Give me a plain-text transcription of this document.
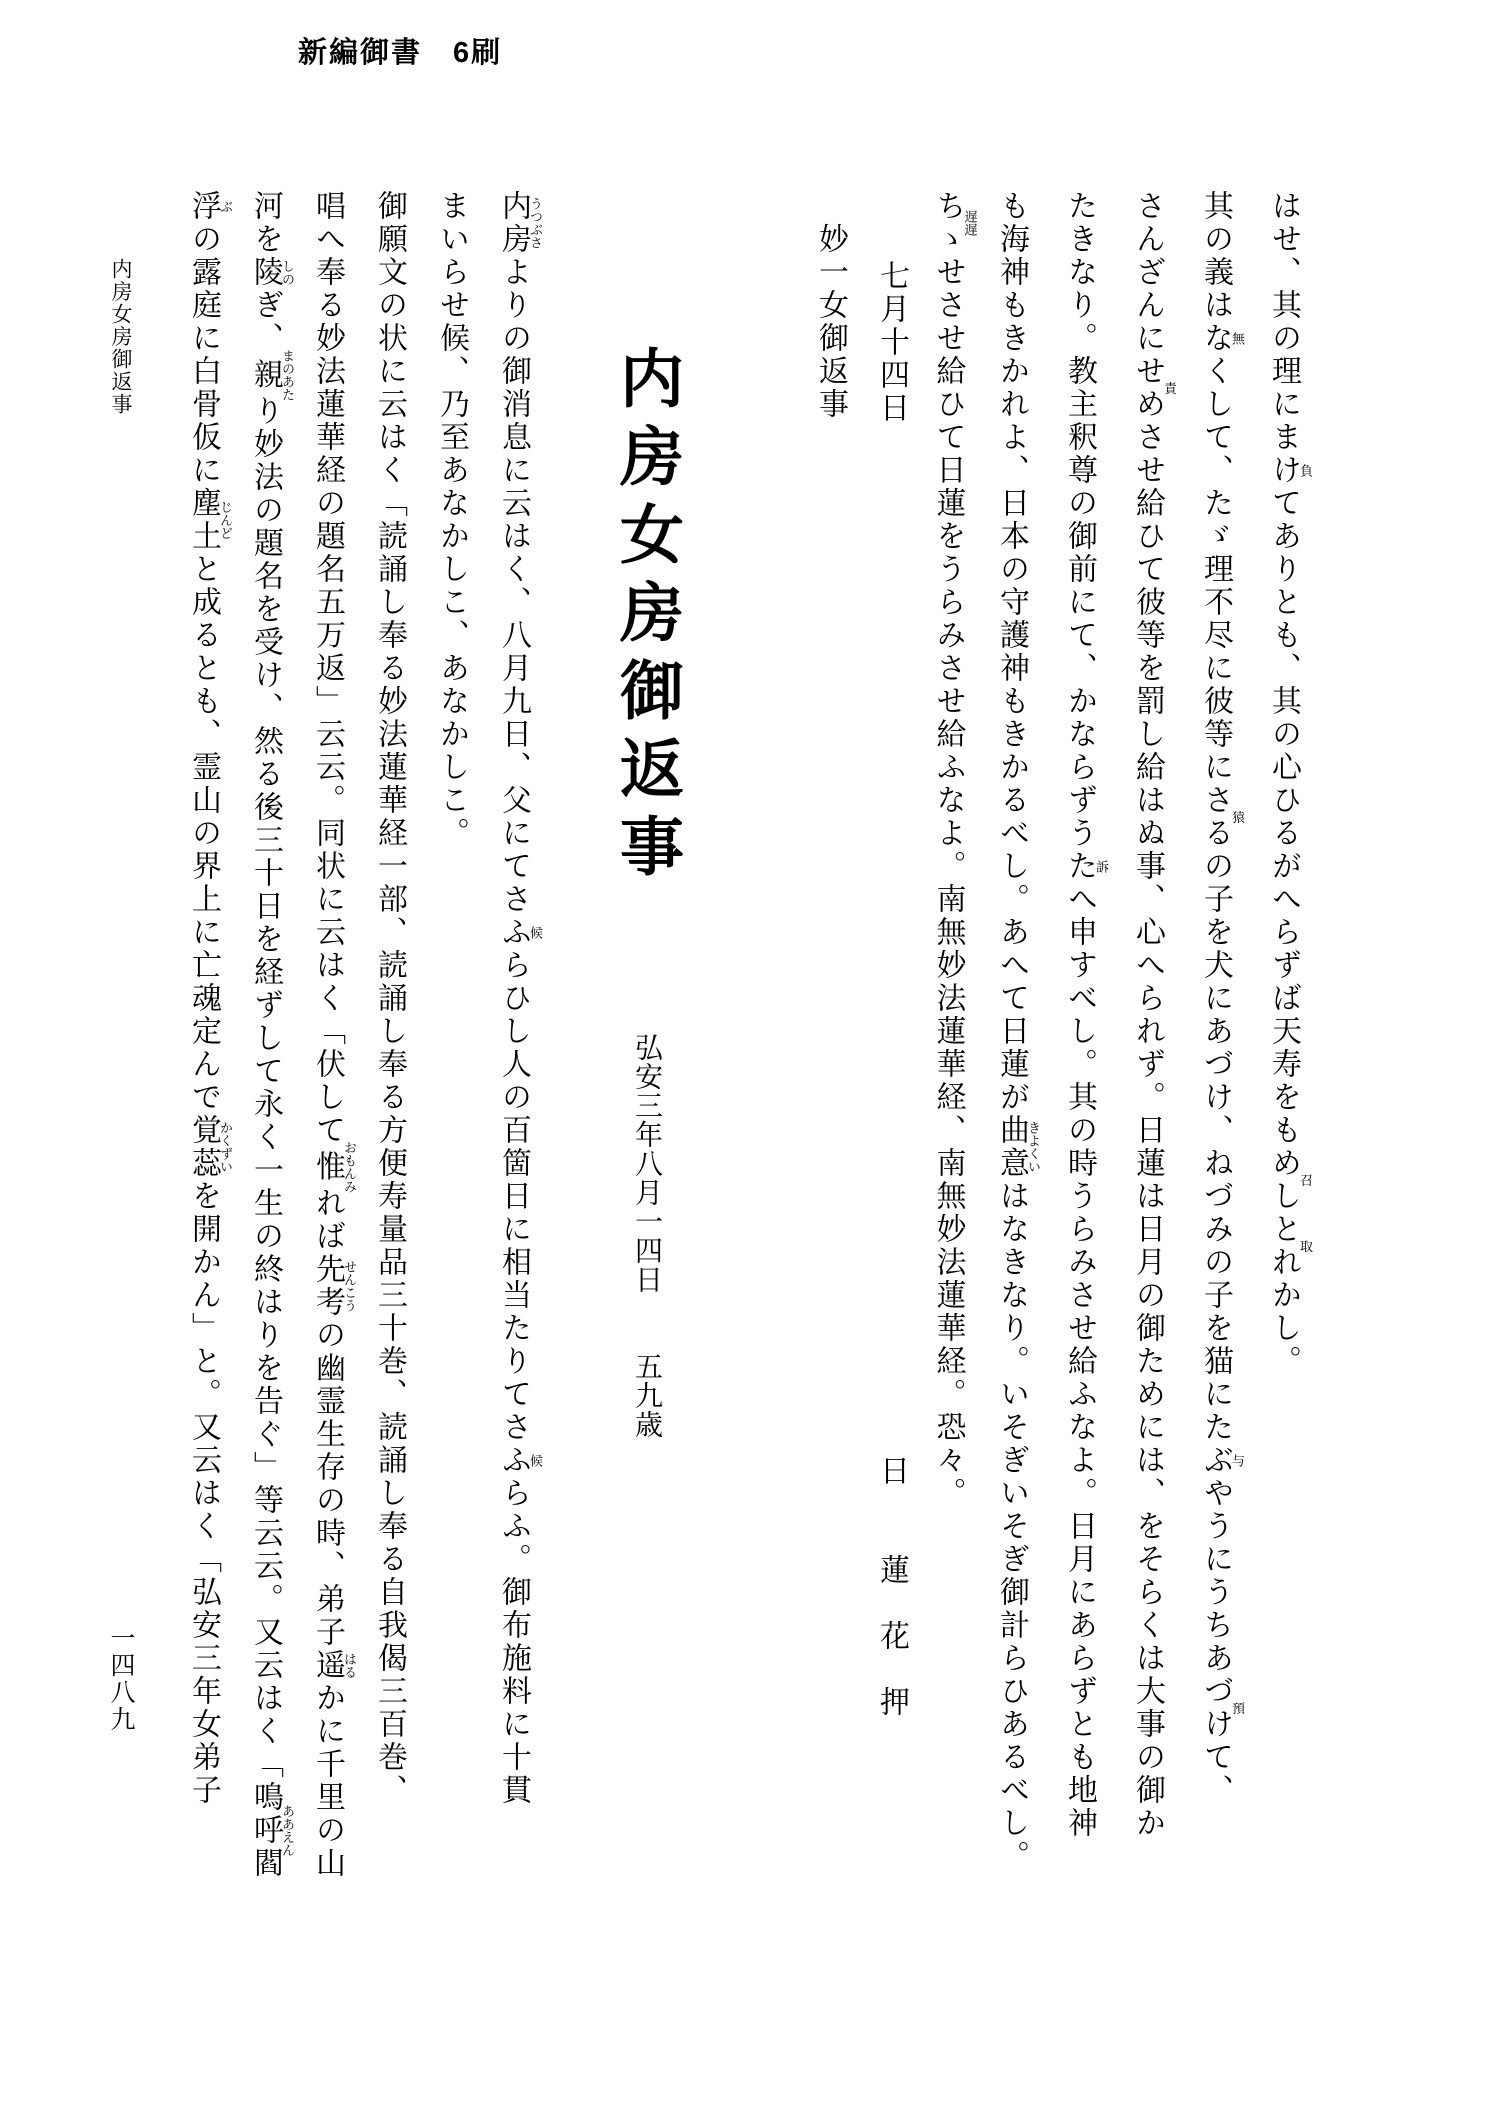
新編御書　6刷
はせ、其の理にまけ負てありとも、其の心ひるがへらずば天寿をもめし召とれ取かし。
其の義はな無くして、たゞ理不尽に彼等にさる猿の子を犬にあづけ、ねづみの子を猫にたぶ与やうにうちあづけ預て、
さんざんにせめ責させ給ひて彼等を罰し給はぬ事、心へられず。日蓮は日月の御ためには、をそらくは大事の御か
たきなり。教主釈尊の御前にて、かならずうたへ訴申すべし。其の時うらみさせ給ふなよ。日月にあらずとも地神
も海神もきかれよ、日本の守護神もきかるべし。あへて日蓮が曲意きよくいはなきなり。いそぎいそぎ御計らひあるべし。
ちゝ遅遅せさせ給ひて日蓮をうらみさせ給ふなよ。南無妙法蓮華経、南無妙法蓮華経。恐々。
七月十四日日　　蓮　花　押
妙一女御返事
内房女房御返事弘安三年八月一四日　　五九歳
内房うつぶさよりの御消息に云はく、八月九日、父にてさふら候ひし人の百箇日に相当たりてさふら候ふ。御布施料に十貫
まいらせ候、乃至あなかしこ、あなかしこ。
御願文の状に云はく「読誦し奉る妙法蓮華経一部、読誦し奉る方便寿量品三十巻、読誦し奉る自我偈三百巻、
唱へ奉る妙法蓮華経の題名五万返」云云。同状に云はく「伏して惟おもんみれば先考せんこうの幽霊生存の時、弟子遥はるかに千里の山
河を陵しのぎ、親まのあたり妙法の題名を受け、然る後三十日を経ずして永く一生の終はりを告ぐ」等云云。又云はく「鳴呼閻ああえん
浮ぶの露庭に白骨仮に塵土じんどと成るとも、霊山の界上に亡魂定んで覚蕊かくずいを開かん」と。又云はく「弘安三年女弟子
内房女房御返事
一四八九
